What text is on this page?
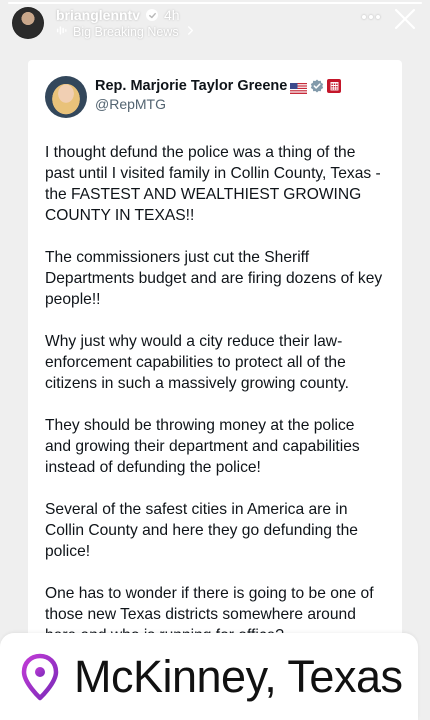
brianglenntv 4h
Big Breaking News
Rep. Marjorie Taylor Greene
@RepMTG

I thought defund the police was a thing of the past until I visited family in Collin County, Texas - the FASTEST AND WEALTHIEST GROWING COUNTY IN TEXAS!!

The commissioners just cut the Sheriff Departments budget and are firing dozens of key people!!

Why just why would a city reduce their law-enforcement capabilities to protect all of the citizens in such a massively growing county.

They should be throwing money at the police and growing their department and capabilities instead of defunding the police!

Several of the safest cities in America are in Collin County and here they go defunding the police!

One has to wonder if there is going to be one of those new Texas districts somewhere around

McKinney, Texas
